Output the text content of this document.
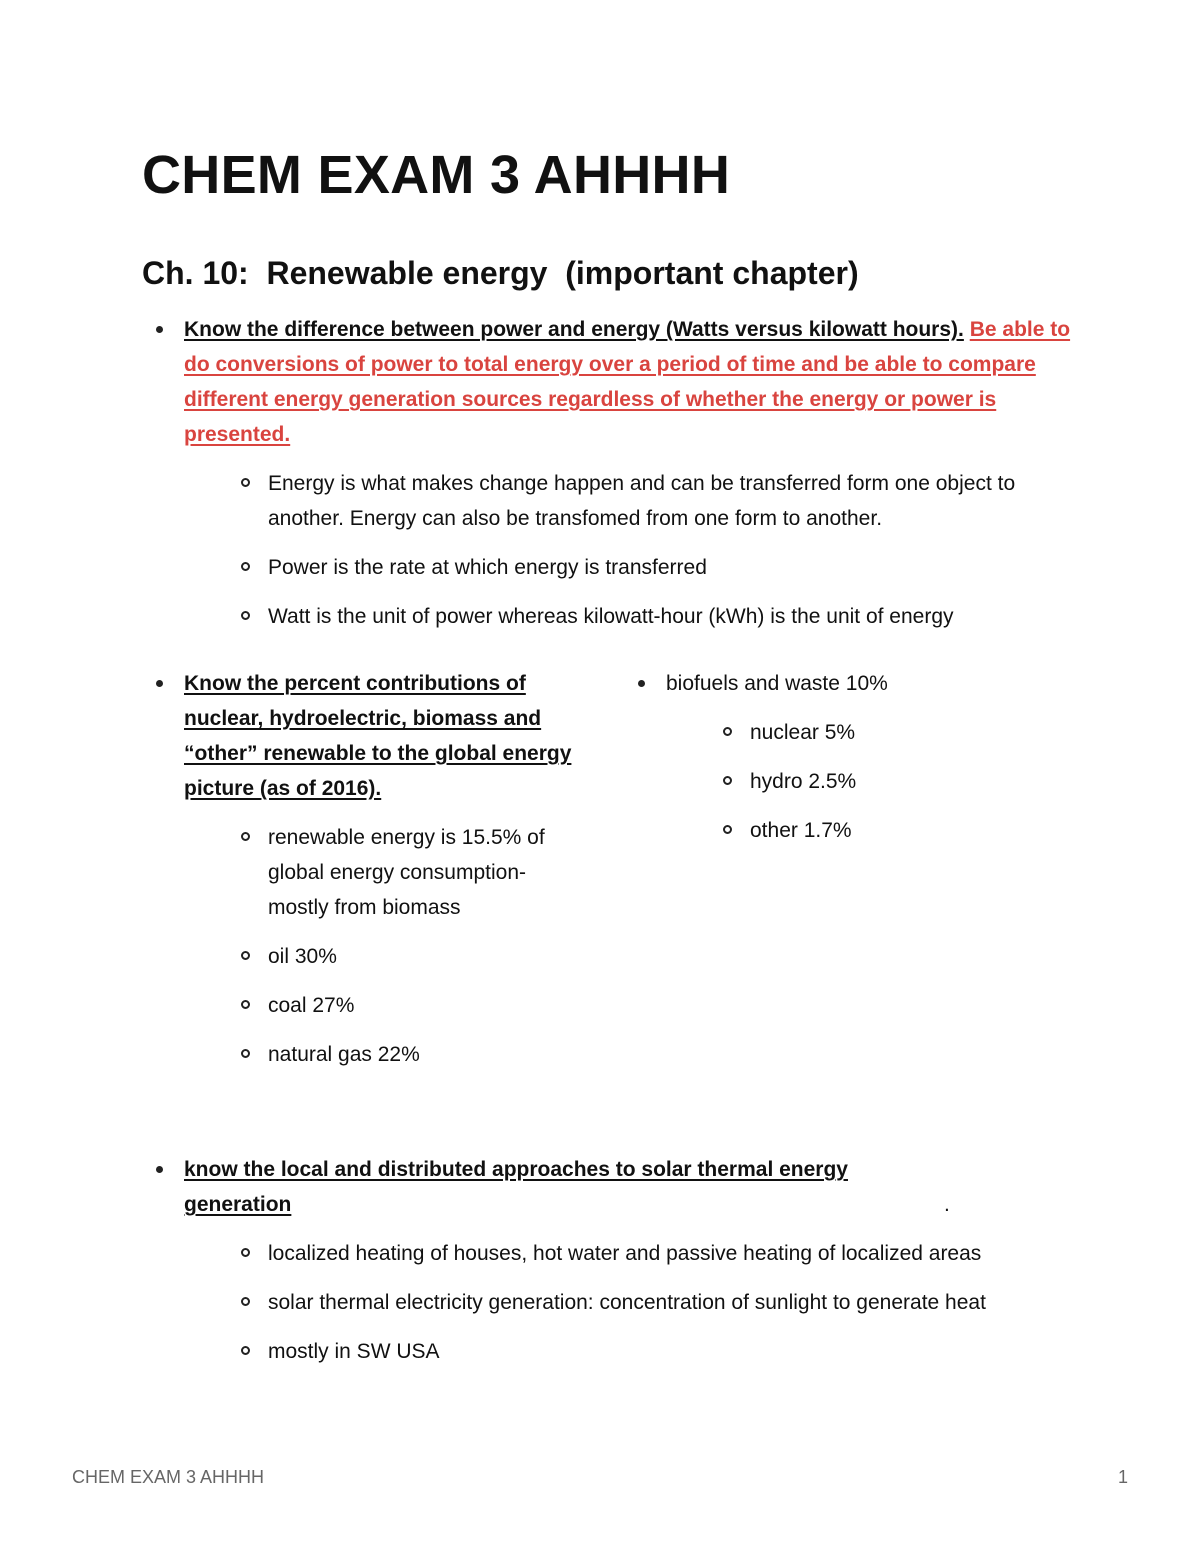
CHEM EXAM 3 AHHHH
Ch. 10:  Renewable energy  (important chapter)
Know the difference between power and energy (Watts versus kilowatt hours). Be able to do conversions of power to total energy over a period of time and be able to compare different energy generation sources regardless of whether the energy or power is presented.
Energy is what makes change happen and can be transferred form one object to another. Energy can also be transfomed from one form to another.
Power is the rate at which energy is transferred
Watt is the unit of power whereas kilowatt-hour (kWh) is the unit of energy
Know the percent contributions of nuclear, hydroelectric, biomass and “other” renewable to the global energy picture (as of 2016).
renewable energy is 15.5% of global energy consumption- mostly from biomass
oil 30%
coal 27%
natural gas 22%
biofuels and waste 10%
nuclear 5%
hydro 2.5%
other 1.7%
know the local and distributed approaches to solar thermal energy generation	.
localized heating of houses, hot water and passive heating of localized areas
solar thermal electricity generation: concentration of sunlight to generate heat
mostly in SW USA
CHEM EXAM 3 AHHHH	1
